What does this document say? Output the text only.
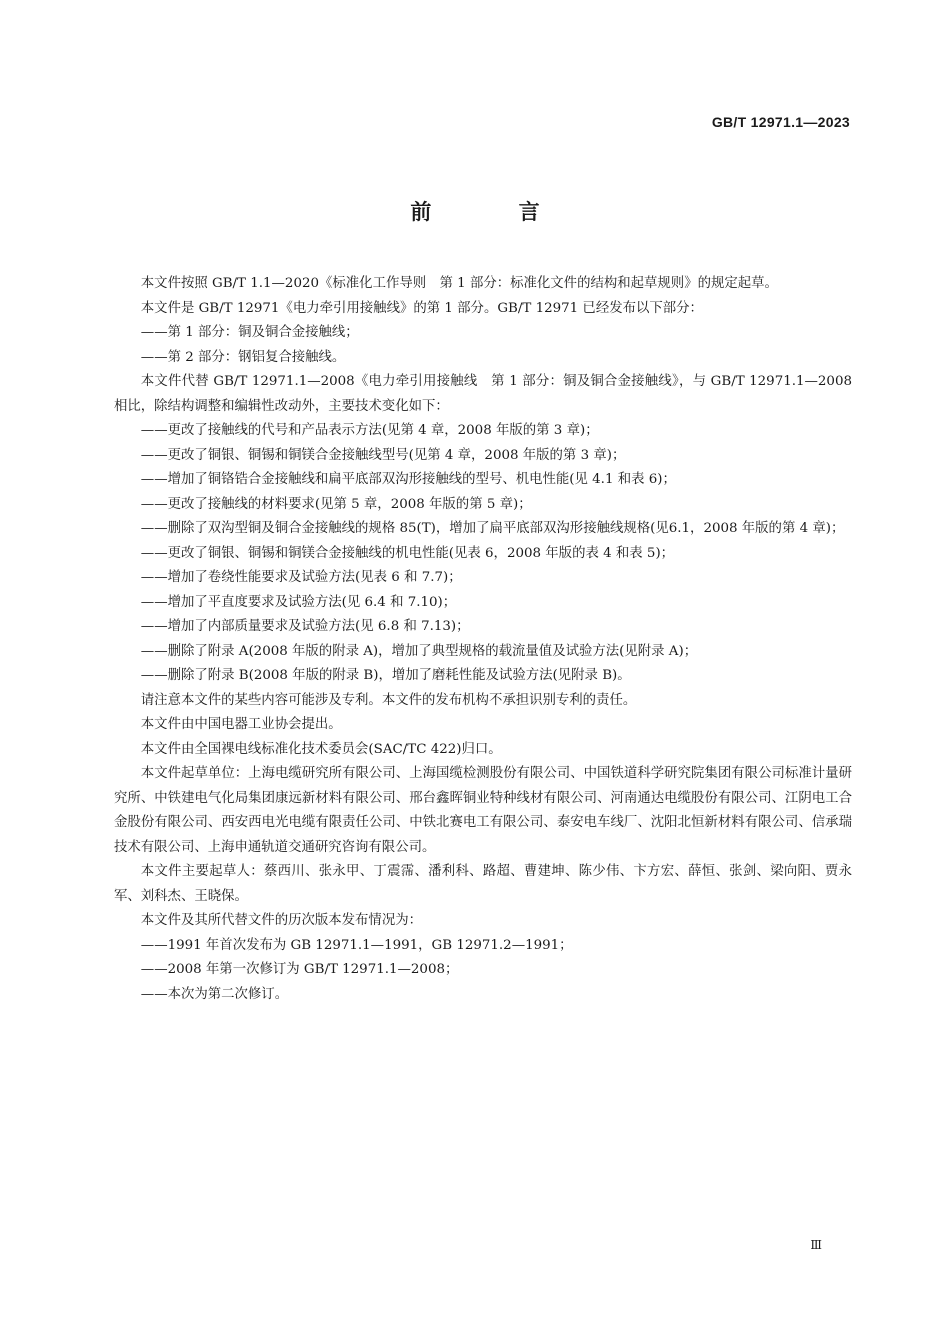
GB/T 12971.1—2023
前 言

本文件按照 GB/T 1.1—2020《标准化工作导则　第 1 部分：标准化文件的结构和起草规则》的规定起草。

本文件是 GB/T 12971《电力牵引用接触线》的第 1 部分。GB/T 12971 已经发布以下部分：

——第 1 部分：铜及铜合金接触线；

——第 2 部分：钢铝复合接触线。

本文件代替 GB/T 12971.1—2008《电力牵引用接触线　第 1 部分：铜及铜合金接触线》，与 GB/T 12971.1—2008 相比，除结构调整和编辑性改动外，主要技术变化如下：

——更改了接触线的代号和产品表示方法(见第 4 章，2008 年版的第 3 章)；

——更改了铜银、铜锡和铜镁合金接触线型号(见第 4 章，2008 年版的第 3 章)；

——增加了铜铬锆合金接触线和扁平底部双沟形接触线的型号、机电性能(见 4.1 和表 6)；

——更改了接触线的材料要求(见第 5 章，2008 年版的第 5 章)；

——删除了双沟型铜及铜合金接触线的规格 85(T)，增加了扁平底部双沟形接触线规格(见6.1，2008 年版的第 4 章)；

——更改了铜银、铜锡和铜镁合金接触线的机电性能(见表 6，2008 年版的表 4 和表 5)；

——增加了卷绕性能要求及试验方法(见表 6 和 7.7)；

——增加了平直度要求及试验方法(见 6.4 和 7.10)；

——增加了内部质量要求及试验方法(见 6.8 和 7.13)；

——删除了附录 A(2008 年版的附录 A)，增加了典型规格的载流量值及试验方法(见附录 A)；

——删除了附录 B(2008 年版的附录 B)，增加了磨耗性能及试验方法(见附录 B)。

请注意本文件的某些内容可能涉及专利。本文件的发布机构不承担识别专利的责任。

本文件由中国电器工业协会提出。

本文件由全国裸电线标准化技术委员会(SAC/TC 422)归口。

本文件起草单位：上海电缆研究所有限公司、上海国缆检测股份有限公司、中国铁道科学研究院集团有限公司标准计量研究所、中铁建电气化局集团康远新材料有限公司、邢台鑫晖铜业特种线材有限公司、河南通达电缆股份有限公司、江阴电工合金股份有限公司、西安西电光电缆有限责任公司、中铁北赛电工有限公司、泰安电车线厂、沈阳北恒新材料有限公司、信承瑞技术有限公司、上海申通轨道交通研究咨询有限公司。

本文件主要起草人：蔡西川、张永甲、丁震霈、潘利科、路超、曹建坤、陈少伟、卞方宏、薛恒、张剑、梁向阳、贾永军、刘科杰、王晓保。

本文件及其所代替文件的历次版本发布情况为：

——1991 年首次发布为 GB 12971.1—1991，GB 12971.2—1991；

——2008 年第一次修订为 GB/T 12971.1—2008；

——本次为第二次修订。

Ⅲ
